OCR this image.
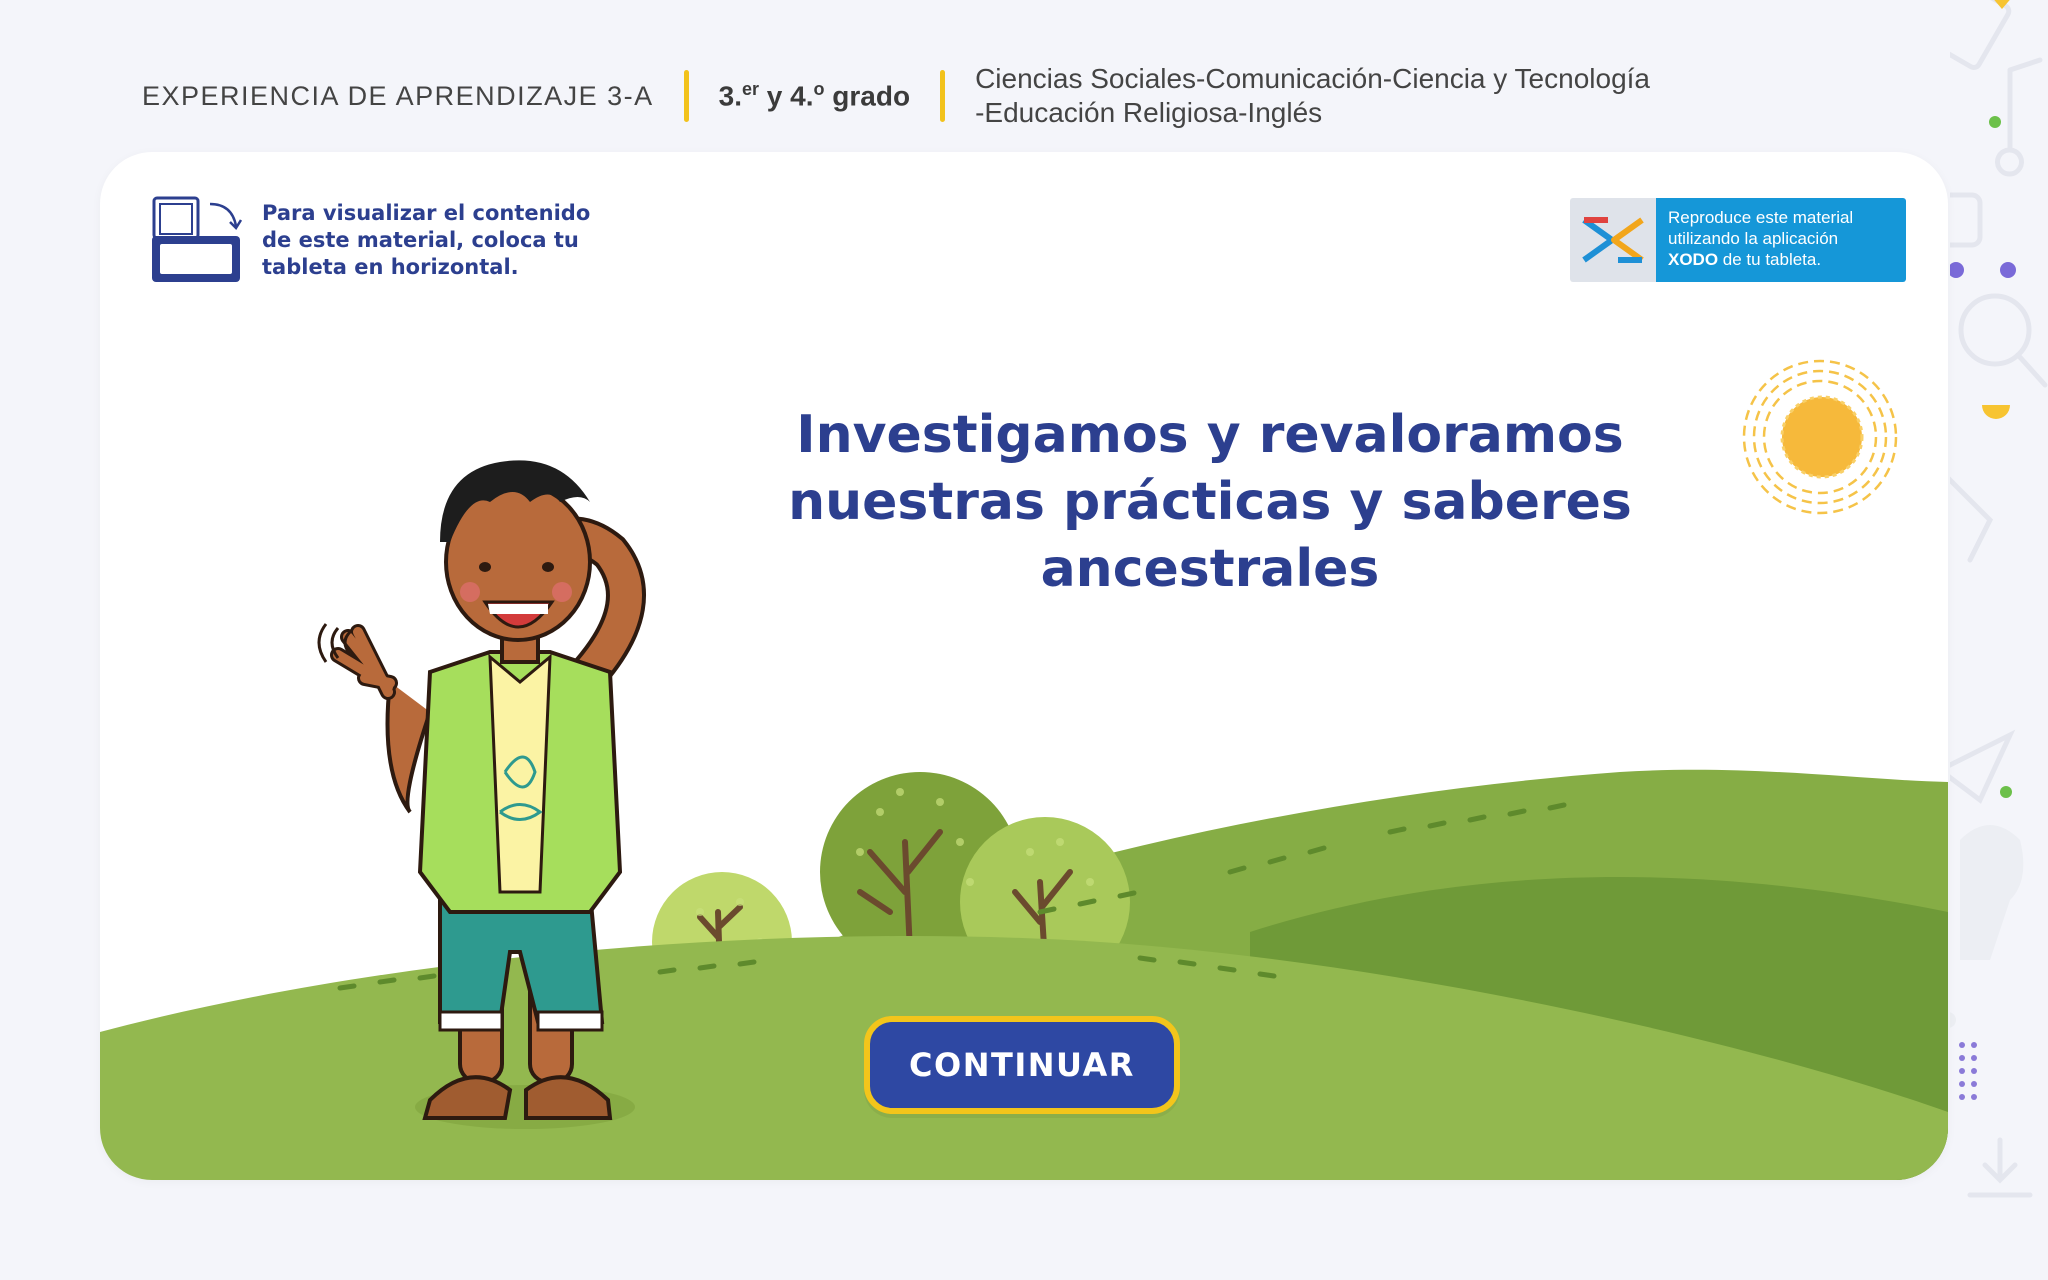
EXPERIENCIA DE APRENDIZAJE 3-A 3.$^{er}$ y 4.$^o$ grado
Ciencias Sociales-Comunicación-Ciencia y Tecnología
-Educación Religiosa-Inglés
Para visualizar el contenido de este material, coloca tu tableta en horizontal.
Reproduce este material
utilizando la aplicación
XODO de tu tableta.
Investigamos y revaloramos nuestras prácticas y saberes ancestrales
CONTINUAR
